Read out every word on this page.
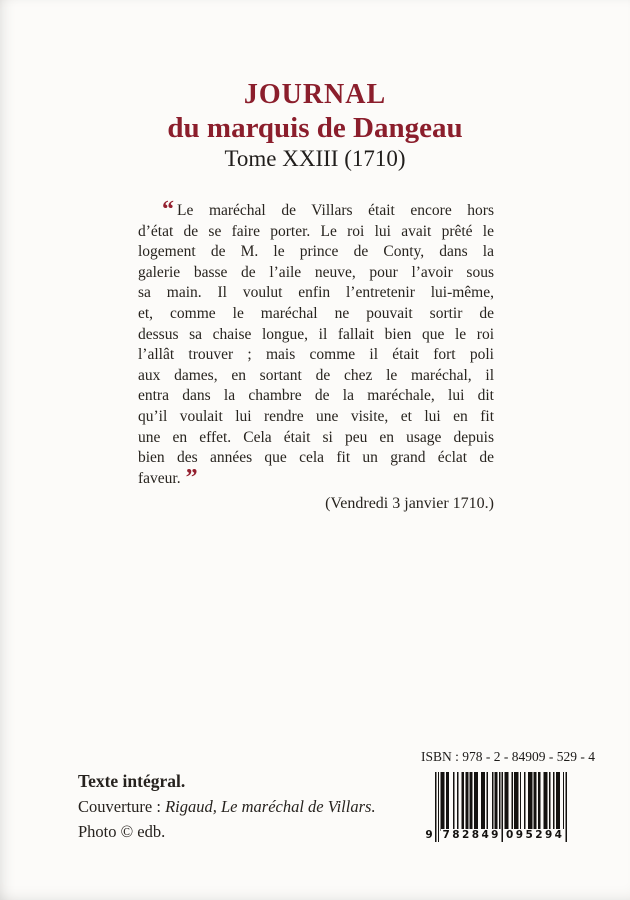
JOURNAL
du marquis de Dangeau
Tome XXIII (1710)
“ Le maréchal de Villars était encore hors
d’état de se faire porter. Le roi lui avait prêté le
logement de M. le prince de Conty, dans la
galerie basse de l’aile neuve, pour l’avoir sous
sa main. Il voulut enfin l’entretenir lui-même,
et, comme le maréchal ne pouvait sortir de
dessus sa chaise longue, il fallait bien que le roi
l’allât trouver ; mais comme il était fort poli
aux dames, en sortant de chez le maréchal, il
entra dans la chambre de la maréchale, lui dit
qu’il voulait lui rendre une visite, et lui en fit
une en effet. Cela était si peu en usage depuis
bien des années que cela fit un grand éclat de
faveur. ”
(Vendredi 3 janvier 1710.)
Texte intégral.
Couverture : Rigaud, Le maréchal de Villars.
Photo © edb.
ISBN : 978 - 2 - 84909 - 529 - 4
9 7 8 2 8 4 9 0 9 5 2 9 4
